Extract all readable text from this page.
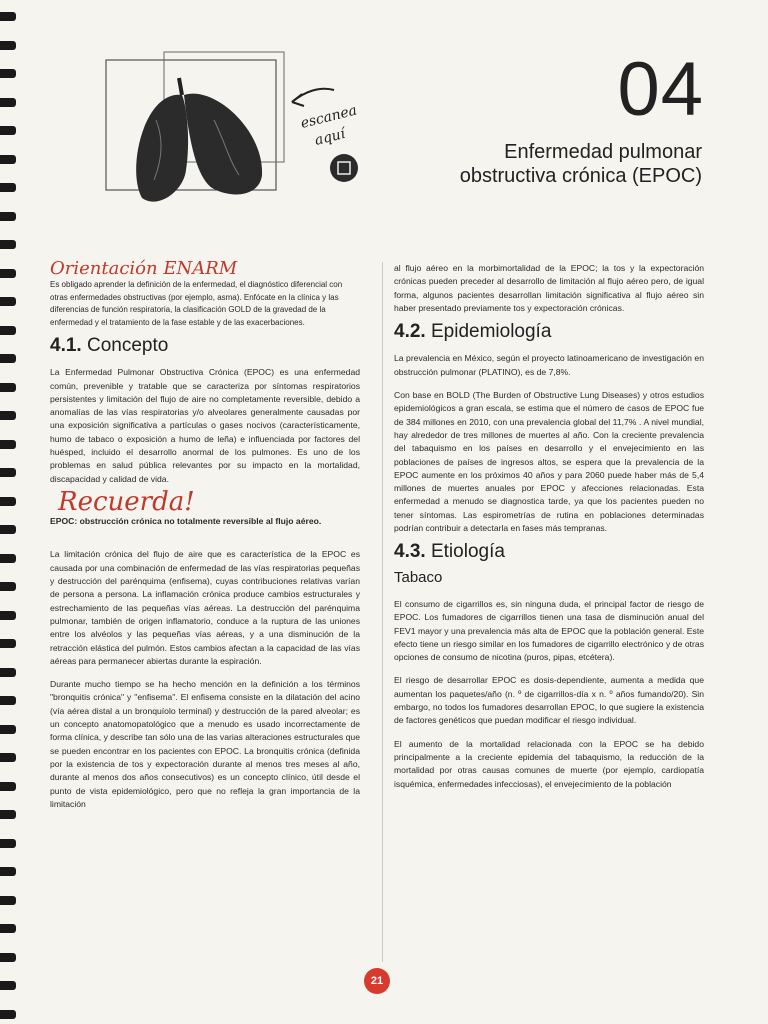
escanea
aquí
04
Enfermedad pulmonar
obstructiva crónica (EPOC)
Orientación ENARM

Es obligado aprender la definición de la enfermedad, el diagnóstico diferencial con otras enfermedades obstructivas (por ejemplo, asma). Enfócate en la clínica y las diferencias de función respiratoria, la clasificación GOLD de la gravedad de la enfermedad y el tratamiento de la fase estable y de las exacerbaciones.

4.1. Concepto

La Enfermedad Pulmonar Obstructiva Crónica (EPOC) es una enfermedad común, prevenible y tratable que se caracteriza por síntomas respiratorios persistentes y limitación del flujo de aire no completamente reversible, debido a anomalías de las vías respiratorias y/o alveolares generalmente causadas por una exposición significativa a partículas o gases nocivos (característicamente, humo de tabaco o exposición a humo de leña) e influenciada por factores del huésped, incluido el desarrollo anormal de los pulmones. Es uno de los problemas en salud pública relevantes por su impacto en la mortalidad, discapacidad y calidad de vida.

Recuerda!

EPOC: obstrucción crónica no totalmente reversible al flujo aéreo.

La limitación crónica del flujo de aire que es característica de la EPOC es causada por una combinación de enfermedad de las vías respiratorias pequeñas y destrucción del parénquima (enfisema), cuyas contribuciones relativas varían de persona a persona. La inflamación crónica produce cambios estructurales y estrechamiento de las pequeñas vías aéreas. La destrucción del parénquima pulmonar, también de origen inflamatorio, conduce a la ruptura de las uniones entre los alvéolos y las pequeñas vías aéreas, y a una disminución de la retracción elástica del pulmón. Estos cambios afectan a la capacidad de las vías aéreas para permanecer abiertas durante la espiración.

Durante mucho tiempo se ha hecho mención en la definición a los términos "bronquitis crónica" y "enfisema". El enfisema consiste en la dilatación del acino (vía aérea distal a un bronquíolo terminal) y destrucción de la pared alveolar; es un concepto anatomopatológico que a menudo es usado incorrectamente de forma clínica, y describe tan sólo una de las varias alteraciones estructurales que se pueden encontrar en los pacientes con EPOC. La bronquitis crónica (definida por la existencia de tos y expectoración durante al menos tres meses al año, durante al menos dos años consecutivos) es un concepto clínico, útil desde el punto de vista epidemiológico, pero que no refleja la gran importancia de la limitación

al flujo aéreo en la morbimortalidad de la EPOC; la tos y la expectoración crónicas pueden preceder al desarrollo de limitación al flujo aéreo pero, de igual forma, algunos pacientes desarrollan limitación significativa al flujo aéreo sin haber presentado previamente tos y expectoración crónicas.

4.2. Epidemiología

La prevalencia en México, según el proyecto latinoamericano de investigación en obstrucción pulmonar (PLATINO), es de 7,8%.

Con base en BOLD (The Burden of Obstructive Lung Diseases) y otros estudios epidemiológicos a gran escala, se estima que el número de casos de EPOC fue de 384 millones en 2010, con una prevalencia global del 11,7% . A nivel mundial, hay alrededor de tres millones de muertes al año. Con la creciente prevalencia del tabaquismo en los países en desarrollo y el envejecimiento en las poblaciones de países de ingresos altos, se espera que la prevalencia de la EPOC aumente en los próximos 40 años y para 2060 puede haber más de 5,4 millones de muertes anuales por EPOC y afecciones relacionadas. Esta enfermedad a menudo se diagnostica tarde, ya que los pacientes pueden no tener síntomas. Las espirometrías de rutina en poblaciones determinadas podrían contribuir a detectarla en fases más tempranas.

4.3. Etiología
Tabaco

El consumo de cigarrillos es, sin ninguna duda, el principal factor de riesgo de EPOC. Los fumadores de cigarrillos tienen una tasa de disminución anual del FEV1 mayor y una prevalencia más alta de EPOC que la población general. Este efecto tiene un riesgo similar en los fumadores de cigarrillo electrónico y de otras opciones de consumo de nicotina (puros, pipas, etcétera).

El riesgo de desarrollar EPOC es dosis-dependiente, aumenta a medida que aumentan los paquetes/año (n. º de cigarrillos-día x n. º años fumando/20). Sin embargo, no todos los fumadores desarrollan EPOC, lo que sugiere la existencia de factores genéticos que puedan modificar el riesgo individual.

El aumento de la mortalidad relacionada con la EPOC se ha debido principalmente a la creciente epidemia del tabaquismo, la reducción de la mortalidad por otras causas comunes de muerte (por ejemplo, cardiopatía isquémica, enfermedades infecciosas), el envejecimiento de la población

21
